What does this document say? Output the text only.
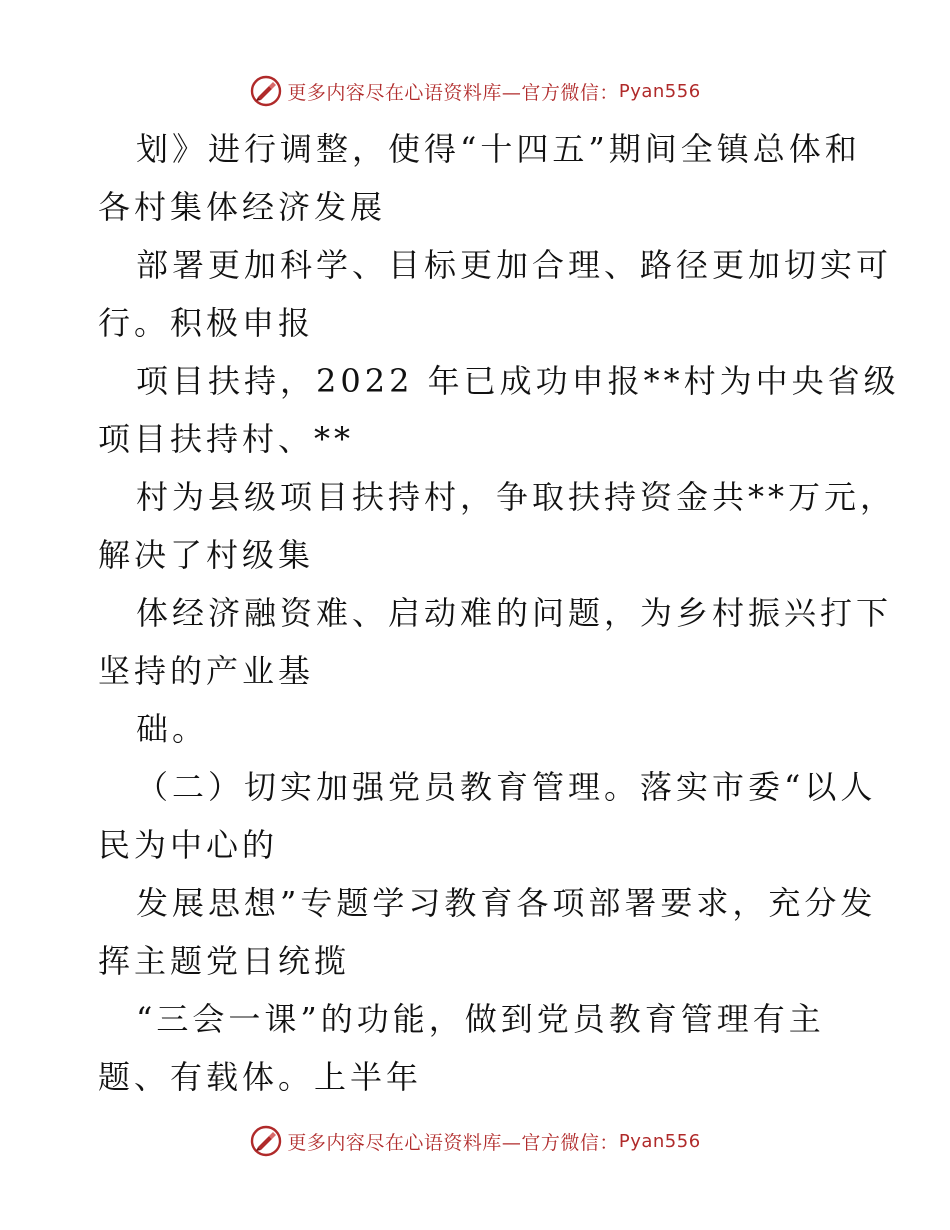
更多内容尽在心语资料库—官方微信： Pyan556
划》进行调整，使得“十四五”期间全镇总体和
各村集体经济发展
部署更加科学、目标更加合理、路径更加切实可
行。积极申报
项目扶持，2022 年已成功申报**村为中央省级
项目扶持村、**
村为县级项目扶持村，争取扶持资金共**万元，
解决了村级集
体经济融资难、启动难的问题，为乡村振兴打下
坚持的产业基
础。
（二）切实加强党员教育管理。落实市委“以人
民为中心的
发展思想”专题学习教育各项部署要求，充分发
挥主题党日统揽
“三会一课”的功能，做到党员教育管理有主
题、有载体。上半年
更多内容尽在心语资料库—官方微信： Pyan556
